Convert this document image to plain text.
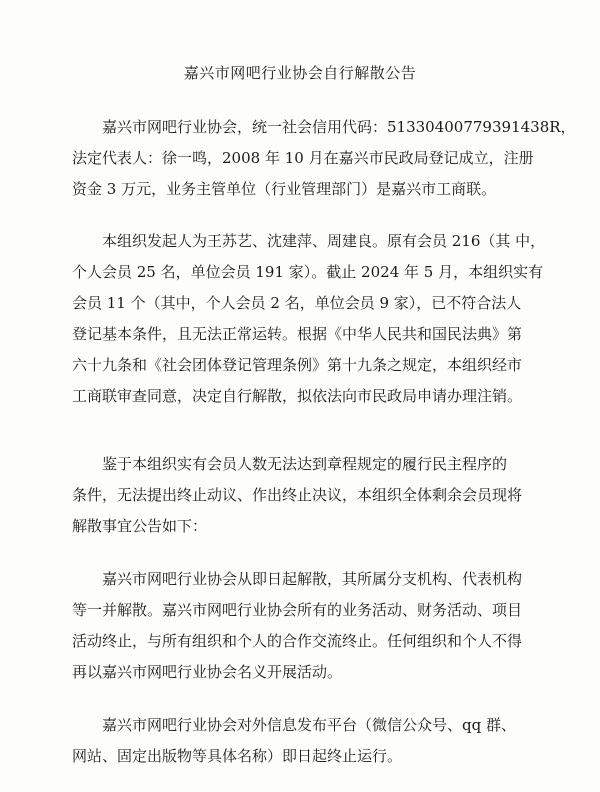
嘉兴市网吧行业协会自行解散公告

嘉兴市网吧行业协会，统一社会信用代码：51330400779391438R，
法定代表人：徐一鸣，2008 年 10 月在嘉兴市民政局登记成立，注册
资金 3 万元，业务主管单位（行业管理部门）是嘉兴市工商联。

本组织发起人为王苏艺、沈建萍、周建良。原有会员 216（其 中，
个人会员 25 名，单位会员 191 家）。截止 2024 年 5 月，本组织实有
会员 11 个（其中，个人会员 2 名，单位会员 9 家），已不符合法人
登记基本条件，且无法正常运转。根据《中华人民共和国民法典》第
六十九条和《社会团体登记管理条例》第十九条之规定，本组织经市
工商联审查同意，决定自行解散，拟依法向市民政局申请办理注销。

鉴于本组织实有会员人数无法达到章程规定的履行民主程序的
条件，无法提出终止动议、作出终止决议，本组织全体剩余会员现将
解散事宜公告如下：

嘉兴市网吧行业协会从即日起解散，其所属分支机构、代表机构
等一并解散。嘉兴市网吧行业协会所有的业务活动、财务活动、项目
活动终止，与所有组织和个人的合作交流终止。任何组织和个人不得
再以嘉兴市网吧行业协会名义开展活动。

嘉兴市网吧行业协会对外信息发布平台（微信公众号、qq 群、
网站、固定出版物等具体名称）即日起终止运行。
